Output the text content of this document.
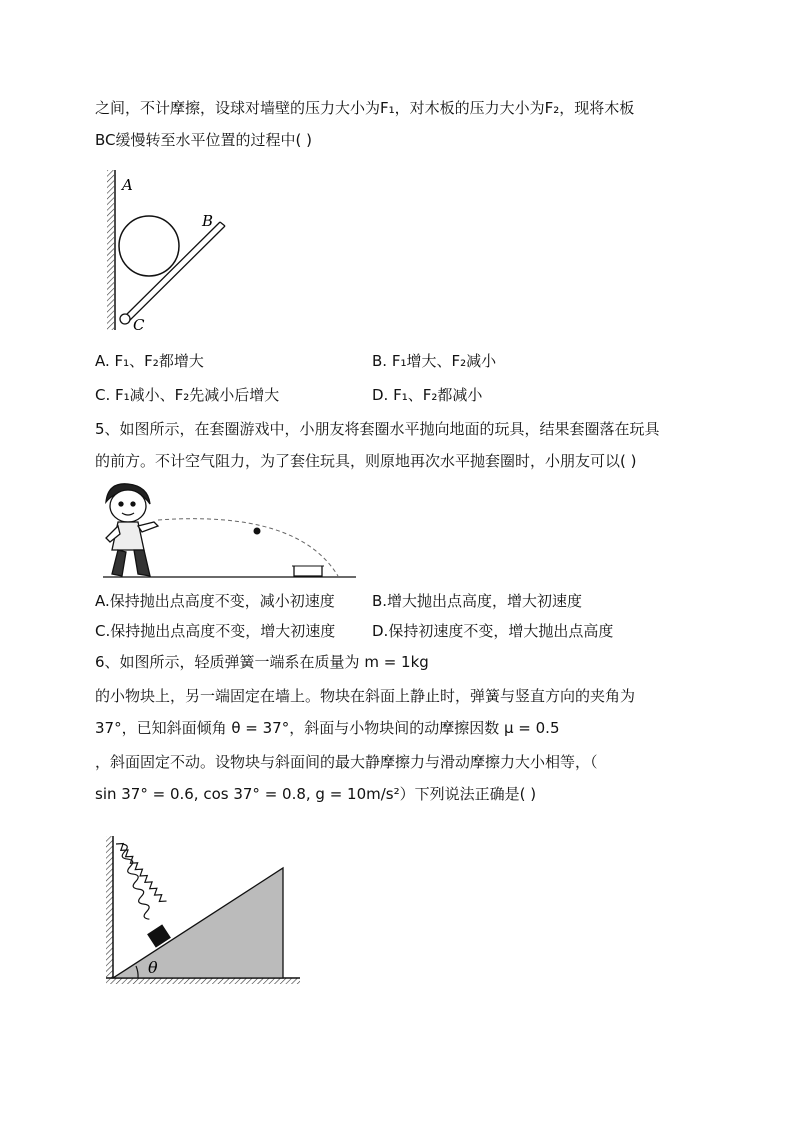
之间，不计摩擦，设球对墙壁的压力大小为F₁，对木板的压力大小为F₂，现将木板
BC缓慢转至水平位置的过程中( )
A
B
C
A. F₁、F₂都增大	B. F₁增大、F₂减小
C. F₁减小、F₂先减小后增大	D. F₁、F₂都减小
5、如图所示，在套圈游戏中，小朋友将套圈水平抛向地面的玩具，结果套圈落在玩具
的前方。不计空气阻力，为了套住玩具，则原地再次水平抛套圈时，小朋友可以( )
A.保持抛出点高度不变，减小初速度 B.增大抛出点高度，增大初速度
C.保持抛出点高度不变，增大初速度 D.保持初速度不变，增大抛出点高度
6、如图所示，轻质弹簧一端系在质量为 m = 1kg
的小物块上，另一端固定在墙上。物块在斜面上静止时，弹簧与竖直方向的夹角为
37°，已知斜面倾角 θ = 37°，斜面与小物块间的动摩擦因数 μ = 0.5
，斜面固定不动。设物块与斜面间的最大静摩擦力与滑动摩擦力大小相等，（
sin 37° = 0.6, cos 37° = 0.8, g = 10m/s²）下列说法正确是( )
θ
